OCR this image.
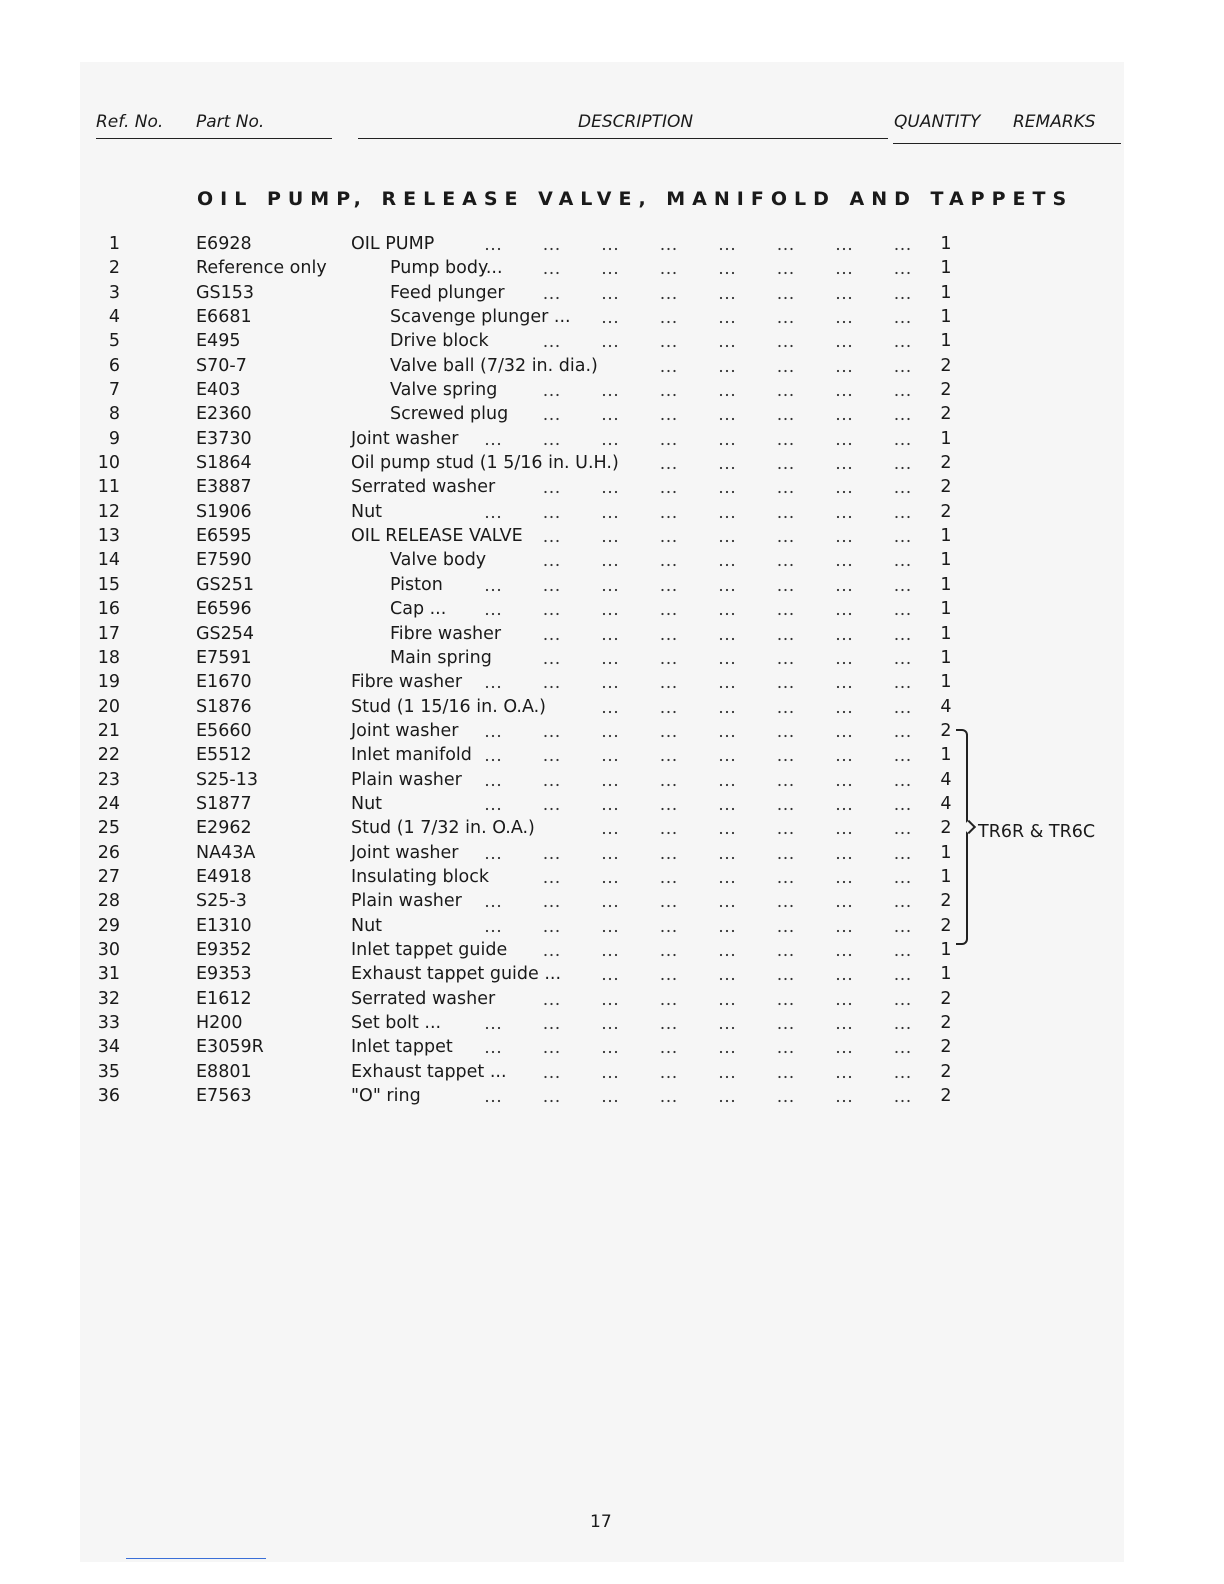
Ref. No. Part No.	DESCRIPTION	QUANTITY REMARKS
OIL PUMP, RELEASE VALVE, MANIFOLD AND TAPPETS
1	E6928	OIL PUMP	1
2	Reference only	Pump body...	1
3	GS153	Feed plunger	1
4	E6681	Scavenge plunger ...	1
5	E495	Drive block	1
6	S70-7	Valve ball (7/32 in. dia.)	2
7	E403	Valve spring	2
8	E2360	Screwed plug	2
9	E3730	Joint washer	1
10	S1864	Oil pump stud (1 5/16 in. U.H.)	2
11	E3887	Serrated washer	2
12	S1906	Nut	2
13	E6595	OIL RELEASE VALVE	1
14	E7590	Valve body	1
15	GS251	Piston	1
16	E6596	Cap ...	1
17	GS254	Fibre washer	1
18	E7591	Main spring	1
19	E1670	Fibre washer	1
20	S1876	Stud (1 15/16 in. O.A.)	4
21	E5660	Joint washer	2
22	E5512	Inlet manifold	1
23	S25-13	Plain washer	4
24	S1877	Nut	4
25	E2962	Stud (1 7/32 in. O.A.)	2
26	NA43A	Joint washer	1
27	E4918	Insulating block	1
28	S25-3	Plain washer	2
29	E1310	Nut	2
30	E9352	Inlet tappet guide	1
31	E9353	Exhaust tappet guide ...	1
32	E1612	Serrated washer	2
33	H200	Set bolt ...	2
34	E3059R	Inlet tappet	2
35	E8801	Exhaust tappet ...	2
36	E7563	"O" ring	2
TR6R & TR6C
17
